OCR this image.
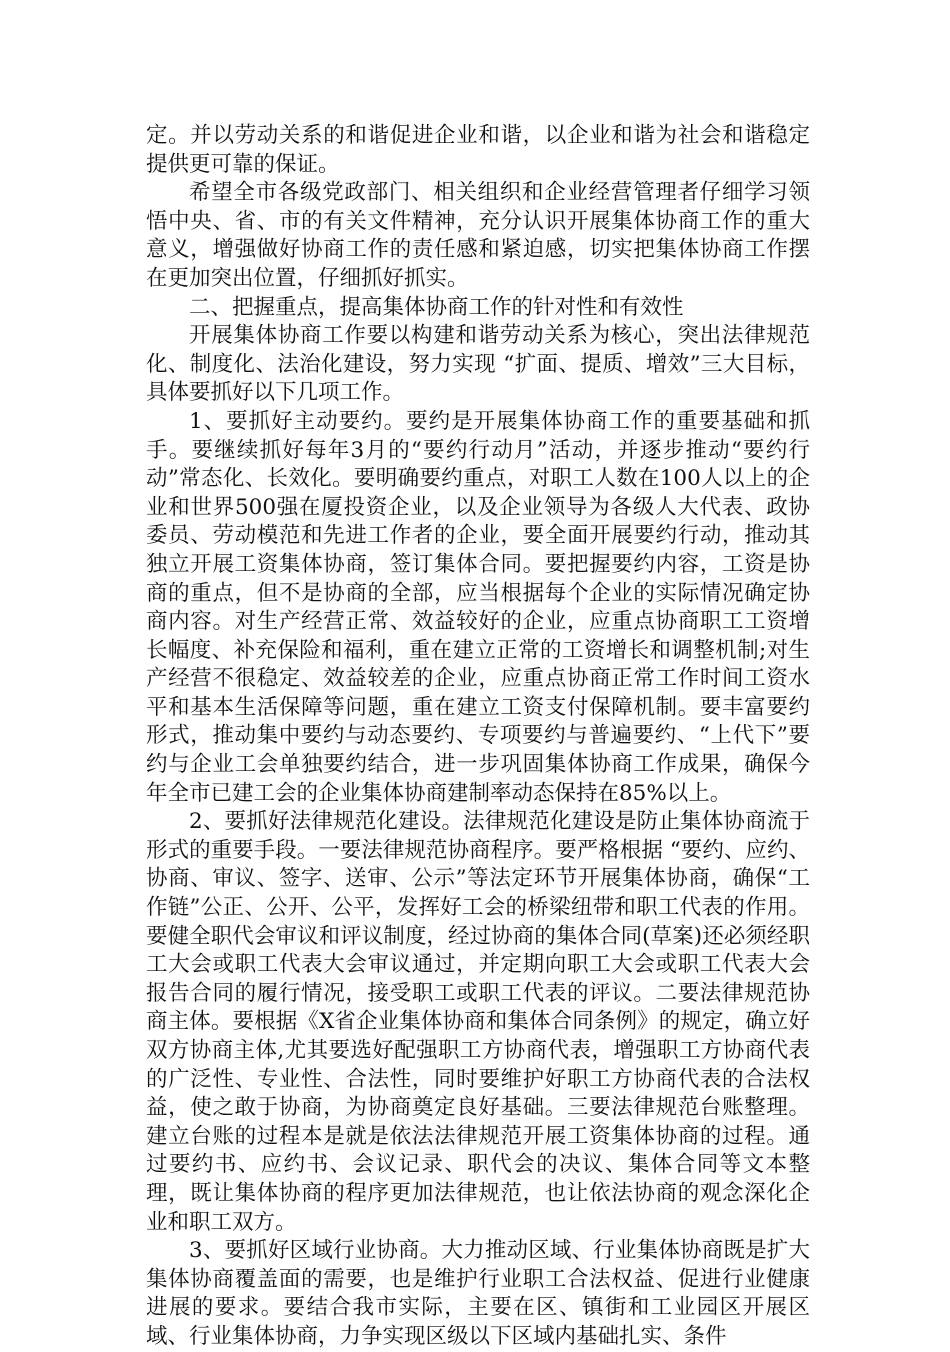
定。并以劳动关系的和谐促进企业和谐，以企业和谐为社会和谐稳定提供更可靠的保证。

希望全市各级党政部门、相关组织和企业经营管理者仔细学习领悟中央、省、市的有关文件精神，充分认识开展集体协商工作的重大意义，增强做好协商工作的责任感和紧迫感，切实把集体协商工作摆在更加突出位置，仔细抓好抓实。

二、把握重点，提高集体协商工作的针对性和有效性

开展集体协商工作要以构建和谐劳动关系为核心，突出法律规范化、制度化、法治化建设，努力实现 “扩面、提质、增效”三大目标，具体要抓好以下几项工作。

1、要抓好主动要约。要约是开展集体协商工作的重要基础和抓手。要继续抓好每年3月的“要约行动月”活动，并逐步推动“要约行动”常态化、长效化。要明确要约重点，对职工人数在100人以上的企业和世界500强在厦投资企业，以及企业领导为各级人大代表、政协委员、劳动模范和先进工作者的企业，要全面开展要约行动，推动其独立开展工资集体协商，签订集体合同。要把握要约内容，工资是协商的重点，但不是协商的全部，应当根据每个企业的实际情况确定协商内容。对生产经营正常、效益较好的企业，应重点协商职工工资增长幅度、补充保险和福利，重在建立正常的工资增长和调整机制;对生产经营不很稳定、效益较差的企业，应重点协商正常工作时间工资水平和基本生活保障等问题，重在建立工资支付保障机制。要丰富要约形式，推动集中要约与动态要约、专项要约与普遍要约、“上代下”要约与企业工会单独要约结合，进一步巩固集体协商工作成果，确保今年全市已建工会的企业集体协商建制率动态保持在85%以上。

2、要抓好法律规范化建设。法律规范化建设是防止集体协商流于形式的重要手段。一要法律规范协商程序。要严格根据 “要约、应约、协商、审议、签字、送审、公示”等法定环节开展集体协商，确保“工作链”公正、公开、公平，发挥好工会的桥梁纽带和职工代表的作用。要健全职代会审议和评议制度，经过协商的集体合同(草案)还必须经职工大会或职工代表大会审议通过，并定期向职工大会或职工代表大会报告合同的履行情况，接受职工或职工代表的评议。二要法律规范协商主体。要根据《X省企业集体协商和集体合同条例》的规定，确立好双方协商主体,尤其要选好配强职工方协商代表，增强职工方协商代表的广泛性、专业性、合法性，同时要维护好职工方协商代表的合法权益，使之敢于协商，为协商奠定良好基础。三要法律规范台账整理。建立台账的过程本是就是依法法律规范开展工资集体协商的过程。通过要约书、应约书、会议记录、职代会的决议、集体合同等文本整理，既让集体协商的程序更加法律规范，也让依法协商的观念深化企业和职工双方。

3、要抓好区域行业协商。大力推动区域、行业集体协商既是扩大集体协商覆盖面的需要，也是维护行业职工合法权益、促进行业健康进展的要求。要结合我市实际，主要在区、镇街和工业园区开展区域、行业集体协商，力争实现区级以下区域内基础扎实、条件
